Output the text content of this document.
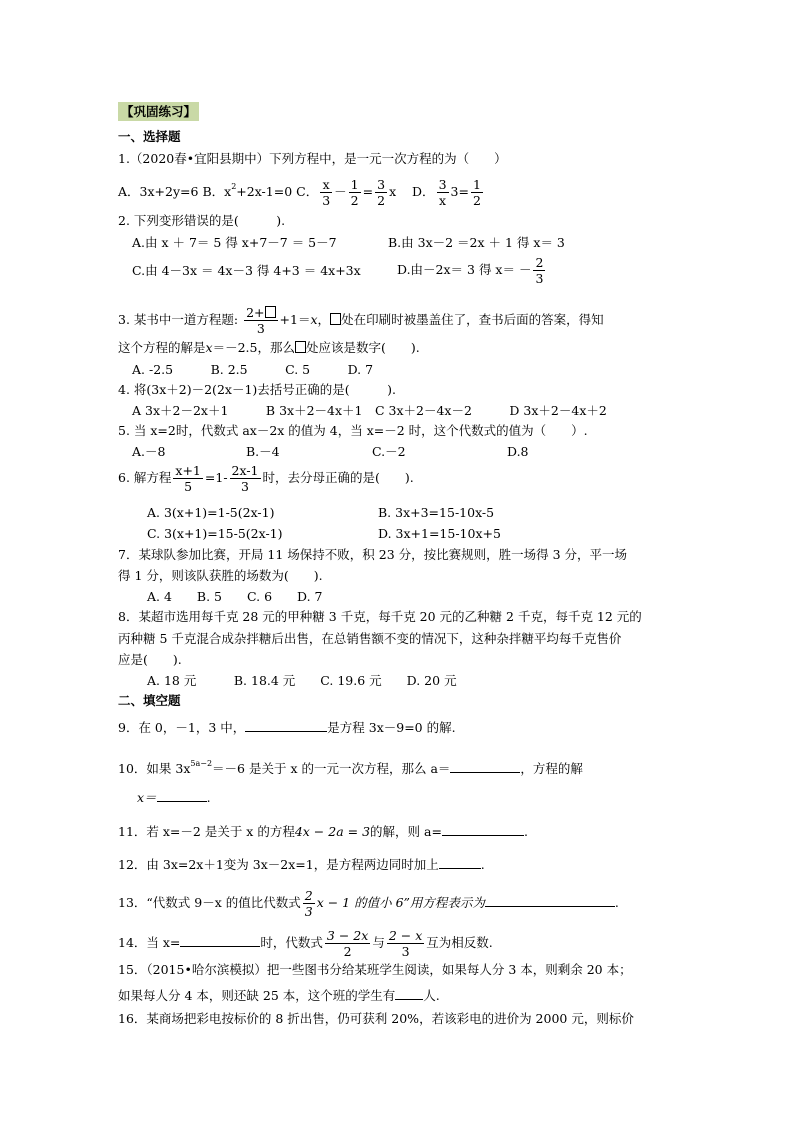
【巩固练习】
一、选择题
1.（2020春•宜阳县期中）下列方程中，是一元一次方程的为（　　）
A．3x+2y=6 B．$x^2+2x-1=0$ C． $\frac{x}{3} - \frac{1}{2} = \frac{3}{2}$ x D． $\frac{3}{x} 3= \frac{1}{2}$
2. 下列变形错误的是(　　　).
A.由 x ＋ 7＝ 5 得 x+7－7 ＝ 5－7	B.由 3x－2 ＝2x ＋ 1 得 x＝ 3
C.由 4－3x ＝ 4x－3 得 4+3 ＝ 4x+3x	D.由－2x＝ 3 得 $x= - \frac{2}{3}$
3. 某书中一道方程题: $\frac{2+}{3} +1=x$， 处在印刷时被墨盖住了，查书后面的答案，得知
这个方程的解是x＝－2.5，那么 处应该是数字(　　).
A. -2.5　　　B. 2.5　　　C. 5　　　D. 7
4. 将(3x＋2)－2(2x－1)去括号正确的是(　　　).
A 3x＋2－2x＋1　　　B 3x＋2－4x＋1　C 3x＋2－4x－2　　　D 3x＋2－4x＋2
5. 当 x=2时，代数式 ax－2x 的值为 4，当 x=－2 时，这个代数式的值为（　　）.
A.－8	B.－4	C.－2	D.8
6. 解方程 $\frac{x+1}{5} =1- \frac{2x-1}{3}$ 时，去分母正确的是(　　).
A. 3(x+1)=1-5(2x-1)	B. 3x+3=15-10x-5
C. 3(x+1)=15-5(2x-1)	D. 3x+1=15-10x+5
7．某球队参加比赛，开局 11 场保持不败，积 23 分，按比赛规则，胜一场得 3 分，平一场
得 1 分，则该队获胜的场数为(　　).
A. 4　　B. 5　　C. 6　　D. 7
8．某超市选用每千克 28 元的甲种糖 3 千克，每千克 20 元的乙种糖 2 千克，每千克 12 元的
丙种糖 5 千克混合成杂拌糖后出售，在总销售额不变的情况下，这种杂拌糖平均每千克售价
应是(　　).
A. 18 元　　　B. 18.4 元　　C. 19.6 元　　D. 20 元
二、填空题
9．在 0，－1，3 中，	是方程 3x－9=0 的解.
10．如果 $3x^{5a-2}=-6$ 是关于 x 的一元一次方程，那么 a＝	，方程的解
x＝	.
11．若 x=－2 是关于 x 的方程4x − 2a = 3的解，则 a=	.
12．由 3x=2x＋1变为 3x－2x=1，是方程两边同时加上	.
13．“代数式 9－x 的值比代数式 $\frac{2}{3}$ x − 1 的值小 6”用方程表示为	.
14．当 x=	时，代数式 $\frac{3 - 2x}{2}$ 与 $\frac{2 - x}{3}$ 互为相反数.
15．（2015•哈尔滨模拟）把一些图书分给某班学生阅读，如果每人分 3 本，则剩余 20 本；
如果每人分 4 本，则还缺 25 本，这个班的学生有 人.
16．某商场把彩电按标价的 8 折出售，仍可获利 20%，若该彩电的进价为 2000 元，则标价
